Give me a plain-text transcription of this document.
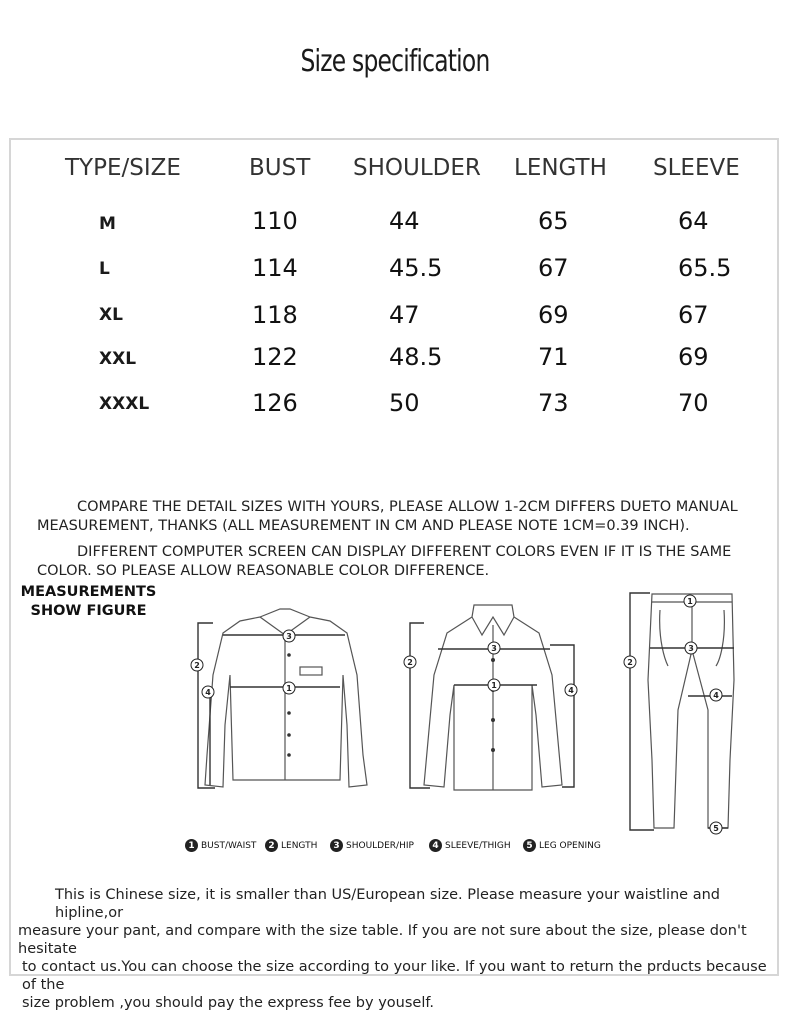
Size specification
TYPE/SIZE	BUST SHOULDER LENGTH SLEEVE
M	110	44	65	64
L	114	45.5	67	65.5
XL	118	47	69	67
XXL	122	48.5	71	69
XXXL	126	50	73	70
COMPARE THE DETAIL SIZES WITH YOURS, PLEASE ALLOW 1-2CM DIFFERS DUETO MANUAL
MEASUREMENT, THANKS (ALL MEASUREMENT IN CM AND PLEASE NOTE 1CM=0.39 INCH).
DIFFERENT COMPUTER SCREEN CAN DISPLAY DIFFERENT COLORS EVEN IF IT IS THE SAME
COLOR. SO PLEASE ALLOW REASONABLE COLOR DIFFERENCE.
MEASUREMENTS
SHOW FIGURE
3
1
2
4
3
1
2
4
1
3
2
4
5
1 BUST/WAIST	2 LENGTH	3 SHOULDER/HIP	4 SLEEVE/THIGH	5 LEG OPENING
This is Chinese size, it is smaller than US/European size. Please measure your waistline and hipline,or
measure your pant, and compare with the size table. If you are not sure about the size, please don't hesitate
to contact us.You can choose the size according to your like. If you want to return the prducts because of the
size problem ,you should pay the express fee by youself.
